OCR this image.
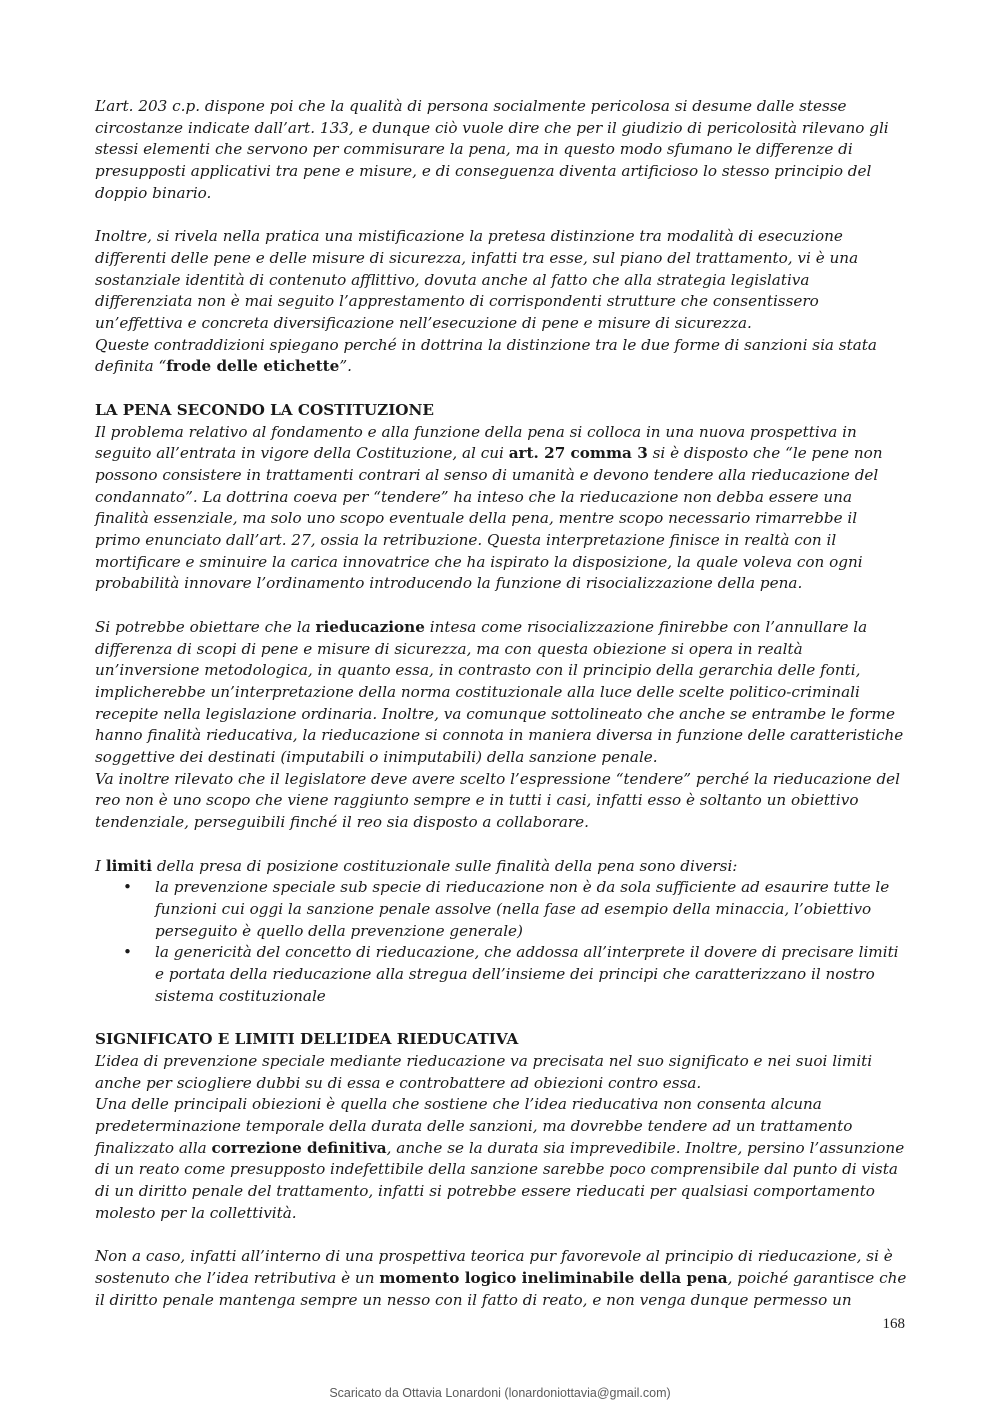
L’art. 203 c.p. dispone poi che la qualità di persona socialmente pericolosa si desume dalle stesse circostanze indicate dall’art. 133, e dunque ciò vuole dire che per il giudizio di pericolosità rilevano gli stessi elementi che servono per commisurare la pena, ma in questo modo sfumano le differenze di presupposti applicativi tra pene e misure, e di conseguenza diventa artificioso lo stesso principio del doppio binario.

Inoltre, si rivela nella pratica una mistificazione la pretesa distinzione tra modalità di esecuzione differenti delle pene e delle misure di sicurezza, infatti tra esse, sul piano del trattamento, vi è una sostanziale identità di contenuto afflittivo, dovuta anche al fatto che alla strategia legislativa differenziata non è mai seguito l’apprestamento di corrispondenti strutture che consentissero un’effettiva e concreta diversificazione nell’esecuzione di pene e misure di sicurezza.

Queste contraddizioni spiegano perché in dottrina la distinzione tra le due forme di sanzioni sia stata definita “frode delle etichette”.

LA PENA SECONDO LA COSTITUZIONE

Il problema relativo al fondamento e alla funzione della pena si colloca in una nuova prospettiva in seguito all’entrata in vigore della Costituzione, al cui art. 27 comma 3 si è disposto che “le pene non possono consistere in trattamenti contrari al senso di umanità e devono tendere alla rieducazione del condannato”. La dottrina coeva per “tendere” ha inteso che la rieducazione non debba essere una finalità essenziale, ma solo uno scopo eventuale della pena, mentre scopo necessario rimarrebbe il primo enunciato dall’art. 27, ossia la retribuzione. Questa interpretazione finisce in realtà con il mortificare e sminuire la carica innovatrice che ha ispirato la disposizione, la quale voleva con ogni probabilità innovare l’ordinamento introducendo la funzione di risocializzazione della pena.

Si potrebbe obiettare che la rieducazione intesa come risocializzazione finirebbe con l’annullare la differenza di scopi di pene e misure di sicurezza, ma con questa obiezione si opera in realtà un’inversione metodologica, in quanto essa, in contrasto con il principio della gerarchia delle fonti, implicherebbe un’interpretazione della norma costituzionale alla luce delle scelte politico-criminali recepite nella legislazione ordinaria. Inoltre, va comunque sottolineato che anche se entrambe le forme hanno finalità rieducativa, la rieducazione si connota in maniera diversa in funzione delle caratteristiche soggettive dei destinati (imputabili o inimputabili) della sanzione penale.

Va inoltre rilevato che il legislatore deve avere scelto l’espressione “tendere” perché la rieducazione del reo non è uno scopo che viene raggiunto sempre e in tutti i casi, infatti esso è soltanto un obiettivo tendenziale, perseguibili finché il reo sia disposto a collaborare.

I limiti della presa di posizione costituzionale sulle finalità della pena sono diversi:

• la prevenzione speciale sub specie di rieducazione non è da sola sufficiente ad esaurire tutte le funzioni cui oggi la sanzione penale assolve (nella fase ad esempio della minaccia, l’obiettivo perseguito è quello della prevenzione generale)
• la genericità del concetto di rieducazione, che addossa all’interprete il dovere di precisare limiti e portata della rieducazione alla stregua dell’insieme dei principi che caratterizzano il nostro sistema costituzionale
SIGNIFICATO E LIMITI DELL’IDEA RIEDUCATIVA

L’idea di prevenzione speciale mediante rieducazione va precisata nel suo significato e nei suoi limiti anche per sciogliere dubbi su di essa e controbattere ad obiezioni contro essa.

Una delle principali obiezioni è quella che sostiene che l’idea rieducativa non consenta alcuna predeterminazione temporale della durata delle sanzioni, ma dovrebbe tendere ad un trattamento finalizzato alla correzione definitiva, anche se la durata sia imprevedibile. Inoltre, persino l’assunzione di un reato come presupposto indefettibile della sanzione sarebbe poco comprensibile dal punto di vista di un diritto penale del trattamento, infatti si potrebbe essere rieducati per qualsiasi comportamento molesto per la collettività.

Non a caso, infatti all’interno di una prospettiva teorica pur favorevole al principio di rieducazione, si è sostenuto che l’idea retributiva è un momento logico ineliminabile della pena, poiché garantisce che il diritto penale mantenga sempre un nesso con il fatto di reato, e non venga dunque permesso un

168
Scaricato da Ottavia Lonardoni (lonardoniottavia@gmail.com)
